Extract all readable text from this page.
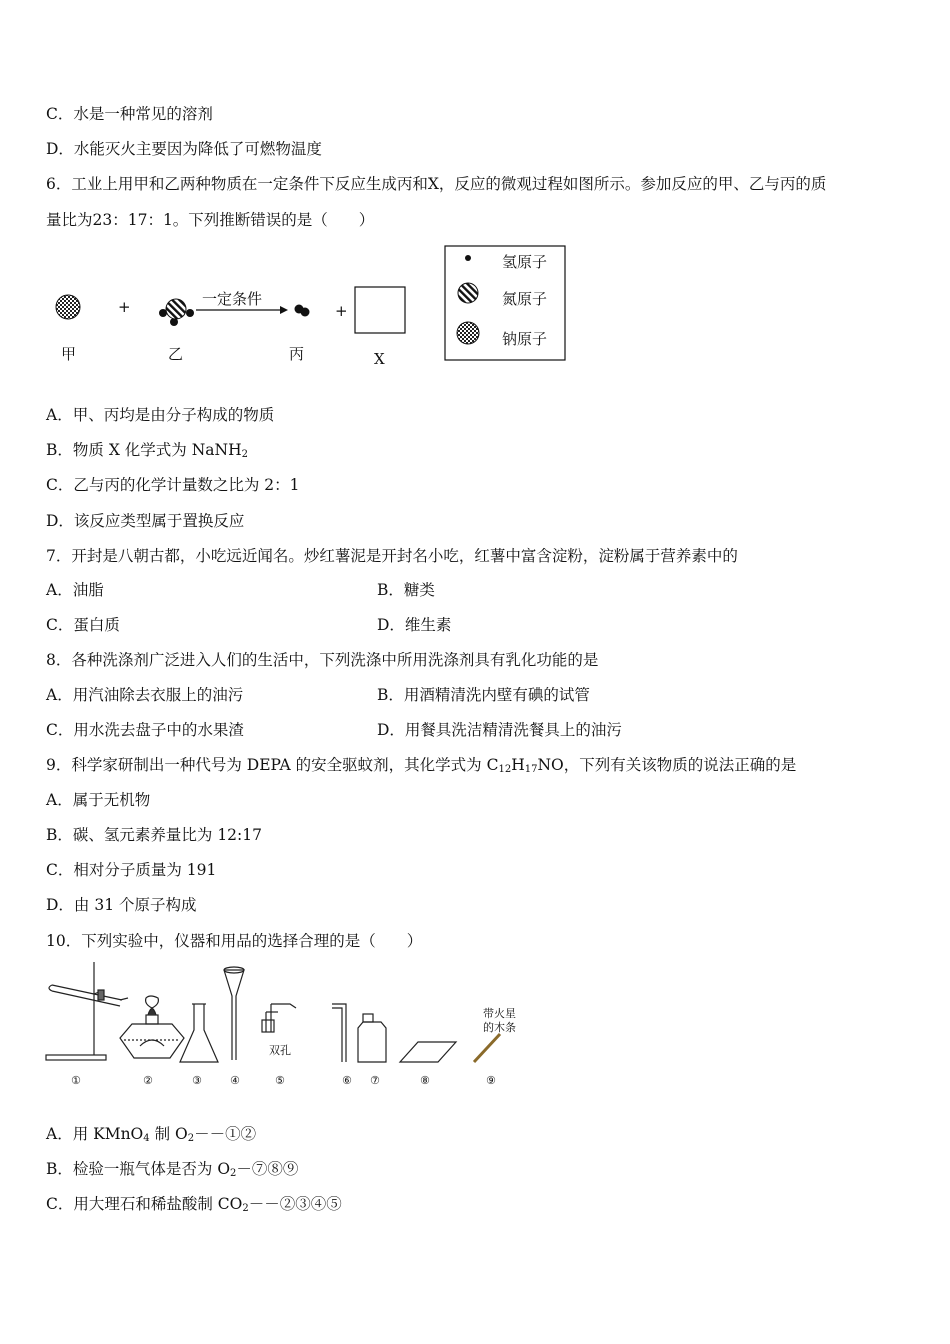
C．水是一种常见的溶剂
D．水能灭火主要因为降低了可燃物温度
6．工业上用甲和乙两种物质在一定条件下反应生成丙和X，反应的微观过程如图所示。参加反应的甲、乙与丙的质
量比为23：17：1。下列推断错误的是（　　）
一定条件
+	+
甲	乙	丙	X
氢原子
氮原子
钠原子
A．甲、丙均是由分子构成的物质
B．物质 X 化学式为 NaNH$_2$
C．乙与丙的化学计量数之比为 2：1
D．该反应类型属于置换反应
7．开封是八朝古都，小吃远近闻名。炒红薯泥是开封名小吃，红薯中富含淀粉，淀粉属于营养素中的
A．油脂	B．糖类
C．蛋白质	D．维生素
8．各种洗涤剂广泛进入人们的生活中，下列洗涤中所用洗涤剂具有乳化功能的是
A．用汽油除去衣服上的油污	B．用酒精清洗内壁有碘的试管
C．用水洗去盘子中的水果渣	D．用餐具洗洁精清洗餐具上的油污
9．科学家研制出一种代号为 DEPA 的安全驱蚊剂，其化学式为 $C_{12}H_{17}NO$，下列有关该物质的说法正确的是
A．属于无机物
B．碳、氢元素养量比为 12:17
C．相对分子质量为 191
D．由 31 个原子构成
10．下列实验中，仪器和用品的选择合理的是（　　）
双孔
带火星
的木条
①	②	③	④	⑤	⑥ ⑦	⑧	⑨
A．用 KMnO$_4$ 制 $O_2--①②$
B．检验一瓶气体是否为 $O_2-⑦⑧⑨$
C．用大理石和稀盐酸制 $CO_2--②③④⑤$
